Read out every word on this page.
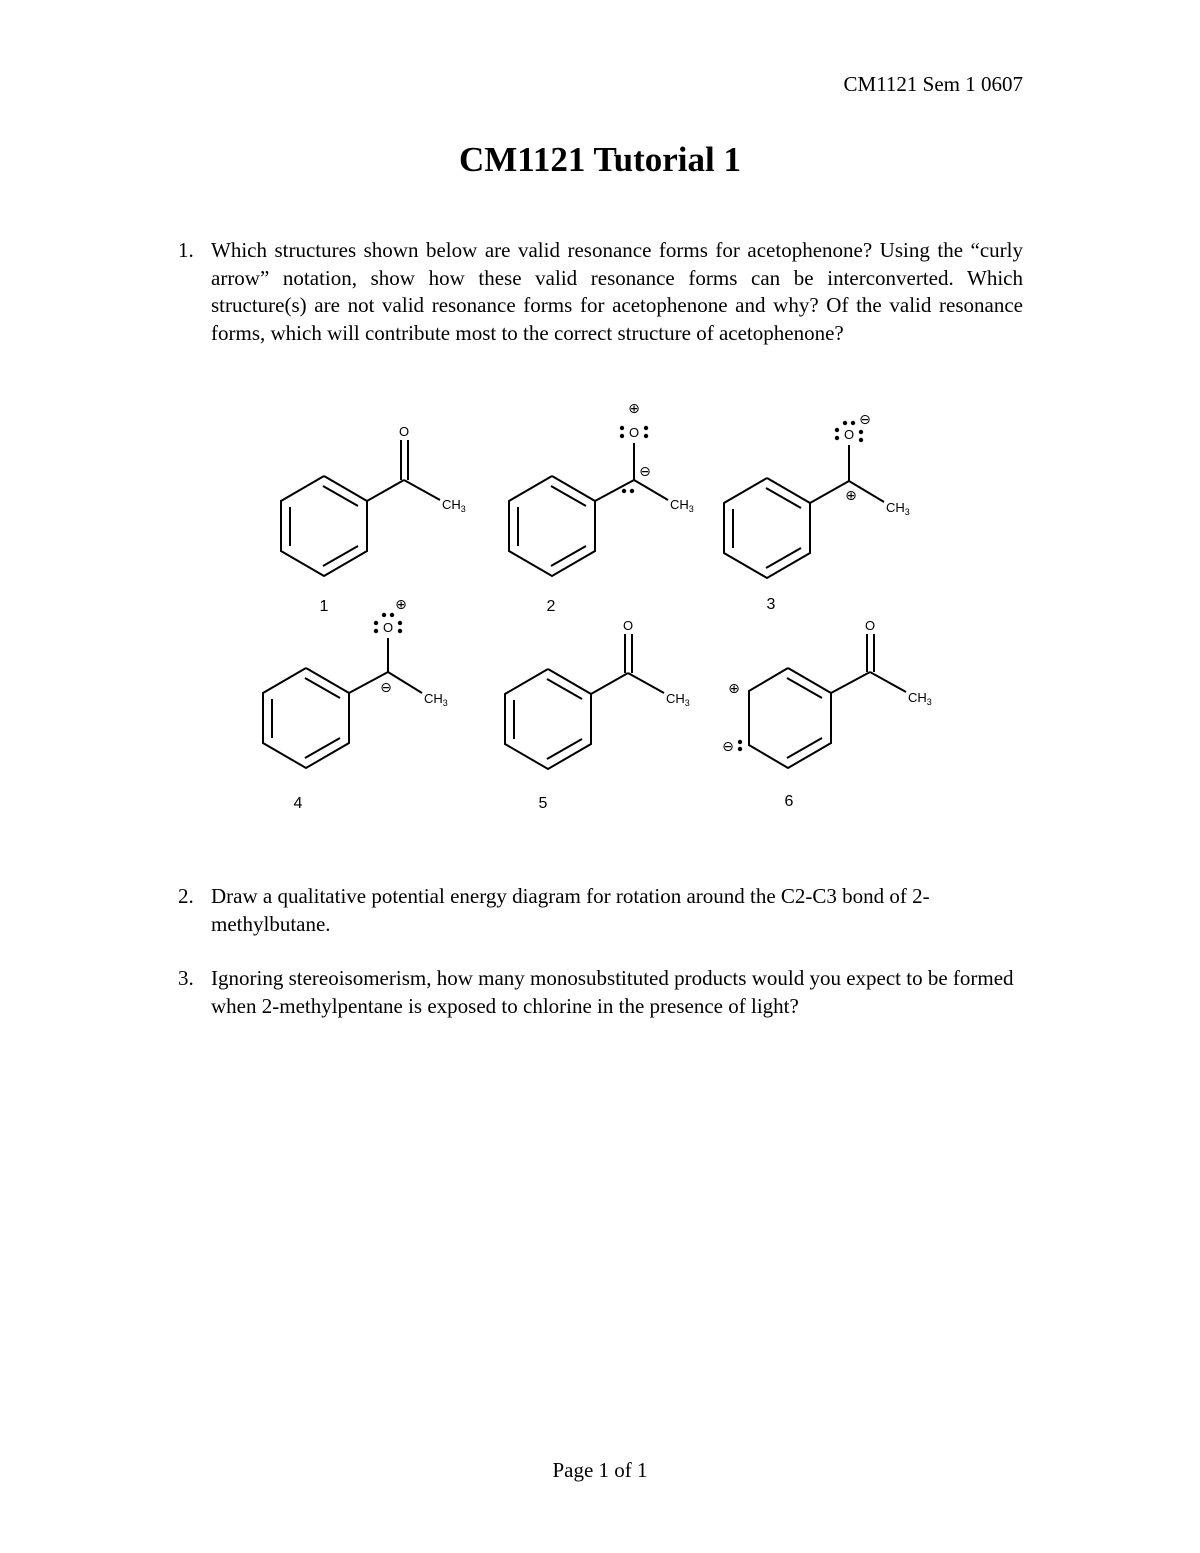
CM1121 Sem 1 0607
CM1121 Tutorial 1
1. Which structures shown below are valid resonance forms for acetophenone? Using the “curly arrow” notation, show how these valid resonance forms can be interconverted. Which structure(s) are not valid resonance forms for acetophenone and why? Of the valid resonance forms, which will contribute most to the correct structure of acetophenone?
O
$CH_3$
1
O
⊕
⊖
$CH_3$
2
O
⊖
⊕
$CH_3$
3
O
⊕
⊖
$CH_3$
4
O
$CH_3$
5
O
⊕
⊖
$CH_3$
6
2. Draw a qualitative potential energy diagram for rotation around the C2-C3 bond of 2-methylbutane.
3. Ignoring stereoisomerism, how many monosubstituted products would you expect to be formed when 2-methylpentane is exposed to chlorine in the presence of light?
Page 1 of 1
